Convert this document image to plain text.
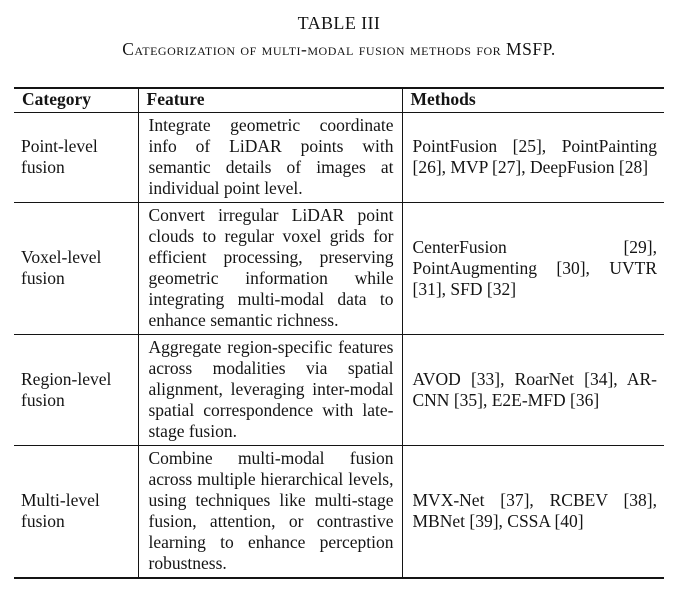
TABLE III
Categorization of multi-modal fusion methods for MSFP.
Category	Feature	Methods
Point-level fusion	Integrate geometric coordinate info of LiDAR points with semantic details of images at individual point level.	PointFusion [25], PointPainting [26], MVP [27], DeepFusion [28]
Voxel-level fusion	Convert irregular LiDAR point clouds to regular voxel grids for efficient processing, preserving geometric information while integrating multi-modal data to enhance semantic richness.	CenterFusion [29], PointAugmenting [30], UVTR [31], SFD [32]
Region-level fusion	Aggregate region-specific features across modalities via spatial alignment, leveraging inter-modal spatial correspondence with late-stage fusion.	AVOD [33], RoarNet [34], AR-CNN [35], E2E-MFD [36]
Multi-level fusion	Combine multi-modal fusion across multiple hierarchical levels, using techniques like multi-stage fusion, attention, or contrastive learning to enhance perception robustness.	MVX-Net [37], RCBEV [38], MBNet [39], CSSA [40]
